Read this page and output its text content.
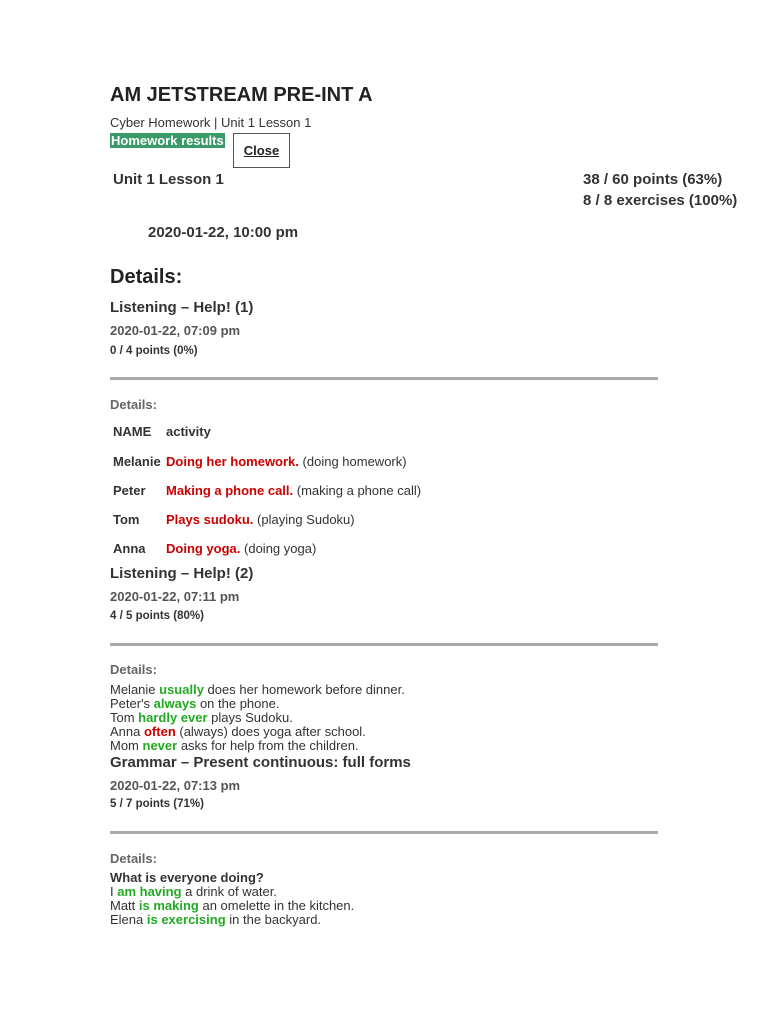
AM JETSTREAM PRE-INT A
Cyber Homework | Unit 1 Lesson 1
Homework results
Close
Unit 1 Lesson 1	38 / 60 points (63%)
8 / 8 exercises (100%)
2020-01-22, 10:00 pm
Details:
Listening – Help! (1)
2020-01-22, 07:09 pm
0 / 4 points (0%)
Details:
NAME activity
Melanie Doing her homework. (doing homework)
Peter Making a phone call. (making a phone call)
Tom Plays sudoku. (playing Sudoku)
Anna Doing yoga. (doing yoga)
Listening – Help! (2)
2020-01-22, 07:11 pm
4 / 5 points (80%)
Details:
Melanie usually does her homework before dinner.
Peter's always on the phone.
Tom hardly ever plays Sudoku.
Anna often (always) does yoga after school.
Mom never asks for help from the children.
Grammar – Present continuous: full forms
2020-01-22, 07:13 pm
5 / 7 points (71%)
Details:
What is everyone doing?
I am having a drink of water.
Matt is making an omelette in the kitchen.
Elena is exercising in the backyard.
